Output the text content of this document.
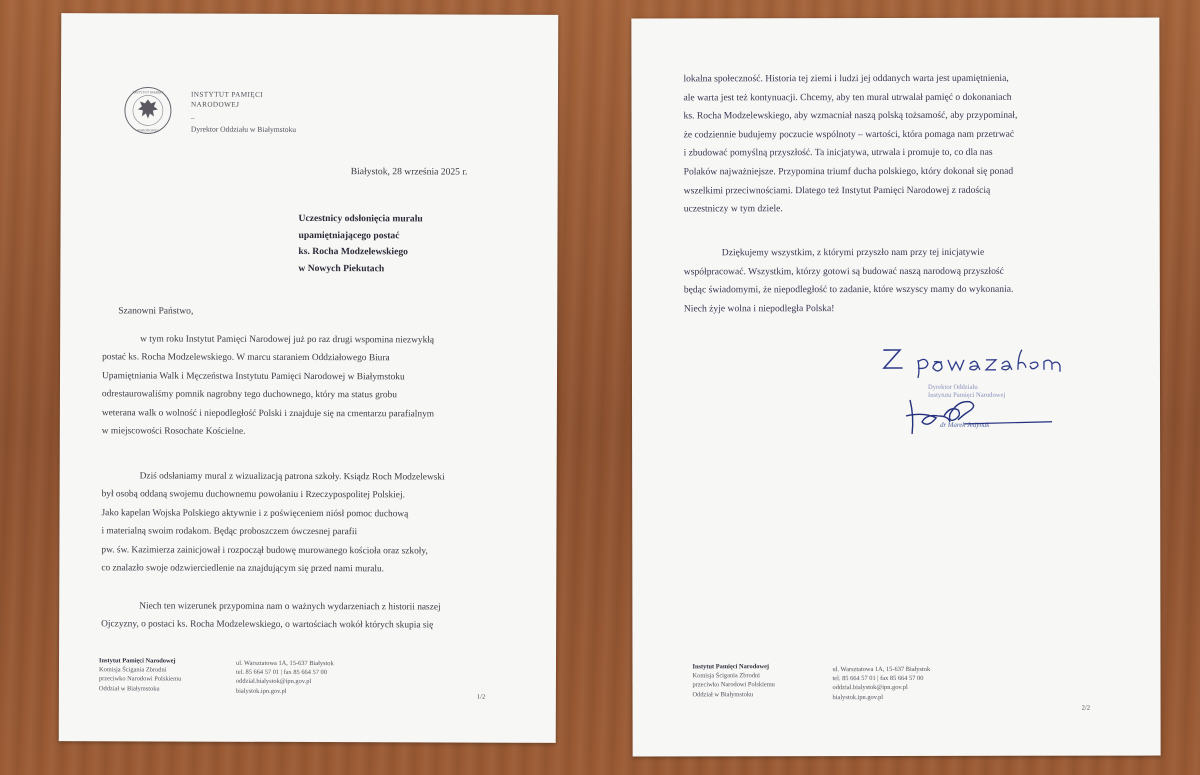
INSTYTUT PAMIĘCI
NARODOWEJ
INSTYTUT PAMIĘCI
NARODOWEJ
–
Dyrektor Oddziału w Białymstoku
Białystok, 28 września 2025 r.
Uczestnicy odsłonięcia muralu
upamiętniającego postać
ks. Rocha Modzelewskiego
w Nowych Piekutach
Szanowni Państwo,
w tym roku Instytut Pamięci Narodowej już po raz drugi wspomina niezwykłą
postać ks. Rocha Modzelewskiego. W marcu staraniem Oddziałowego Biura
Upamiętniania Walk i Męczeństwa Instytutu Pamięci Narodowej w Białymstoku
odrestaurowaliśmy pomnik nagrobny tego duchownego, który ma status grobu
weterana walk o wolność i niepodległość Polski i znajduje się na cmentarzu parafialnym
w miejscowości Rosochate Kościelne.
Dziś odsłaniamy mural z wizualizacją patrona szkoły. Ksiądz Roch Modzelewski
był osobą oddaną swojemu duchownemu powołaniu i Rzeczypospolitej Polskiej.
Jako kapelan Wojska Polskiego aktywnie i z poświęceniem niósł pomoc duchową
i materialną swoim rodakom. Będąc proboszczem ówczesnej parafii
pw. św. Kazimierza zainicjował i rozpoczął budowę murowanego kościoła oraz szkoły,
co znalazło swoje odzwierciedlenie na znajdującym się przed nami muralu.
Niech ten wizerunek przypomina nam o ważnych wydarzeniach z historii naszej
Ojczyzny, o postaci ks. Rocha Modzelewskiego, o wartościach wokół których skupia się
Instytut Pamięci Narodowej
Komisja Ścigania Zbrodni
przeciwko Narodowi Polskiemu
Oddział w Białymstoku
ul. Warsztatowa 1A, 15-637 Białystok
tel. 85 664 57 01 | fax 85 664 57 00
oddzial.bialystok@ipn.gov.pl
bialystok.ipn.gov.pl
1/2
lokalna społeczność. Historia tej ziemi i ludzi jej oddanych warta jest upamiętnienia,
ale warta jest też kontynuacji. Chcemy, aby ten mural utrwalał pamięć o dokonaniach
ks. Rocha Modzelewskiego, aby wzmacniał naszą polską tożsamość, aby przypominał,
że codziennie budujemy poczucie wspólnoty – wartości, która pomaga nam przetrwać
i zbudować pomyślną przyszłość. Ta inicjatywa, utrwala i promuje to, co dla nas
Polaków najważniejsze. Przypomina triumf ducha polskiego, który dokonał się ponad
wszelkimi przeciwnościami. Dlatego też Instytut Pamięci Narodowej z radością
uczestniczy w tym dziele.
Dziękujemy wszystkim, z którymi przyszło nam przy tej inicjatywie
współpracować. Wszystkim, którzy gotowi są budować naszą narodową przyszłość
będąc świadomymi, że niepodległość to zadanie, które wszyscy mamy do wykonania.
Niech żyje wolna i niepodległa Polska!
Dyrektor Oddziału
Instytutu Pamięci Narodowej
dr Marek Jedynak
Instytut Pamięci Narodowej
Komisja Ścigania Zbrodni
przeciwko Narodowi Polskiemu
Oddział w Białymstoku
ul. Warsztatowa 1A, 15-637 Białystok
tel. 85 664 57 01 | fax 85 664 57 00
oddzial.bialystok@ipn.gov.pl
bialystok.ipn.gov.pl
2/2
